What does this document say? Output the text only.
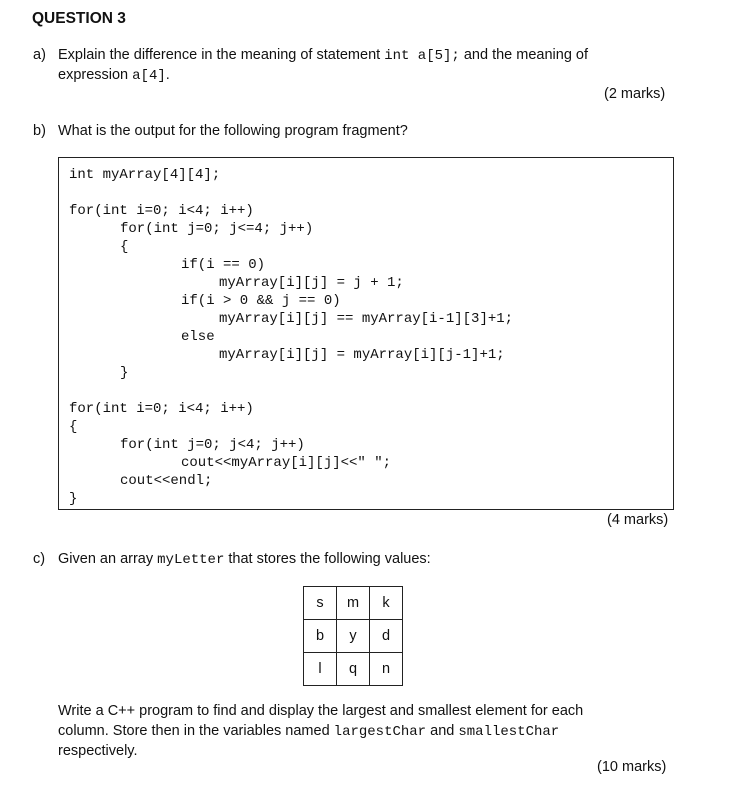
QUESTION 3
a) Explain the difference in the meaning of statement int a[5]; and the meaning of
expression a[4].
(2 marks)
b) What is the output for the following program fragment?
int myArray[4][4];
for(int i=0; i<4; i++)
for(int j=0; j<=4; j++)
{
if(i == 0)
myArray[i][j] = j + 1;
if(i > 0 && j == 0)
myArray[i][j] == myArray[i-1][3]+1;
else
myArray[i][j] = myArray[i][j-1]+1;
}
for(int i=0; i<4; i++)
{
for(int j=0; j<4; j++)
cout<<myArray[i][j]<<" ";
cout<<endl;
}
(4 marks)
c) Given an array myLetter that stores the following values:
s	m	k
b	y	d
l	q	n
Write a C++ program to find and display the largest and smallest element for each
column. Store then in the variables named largestChar and smallestChar
respectively.
(10 marks)
